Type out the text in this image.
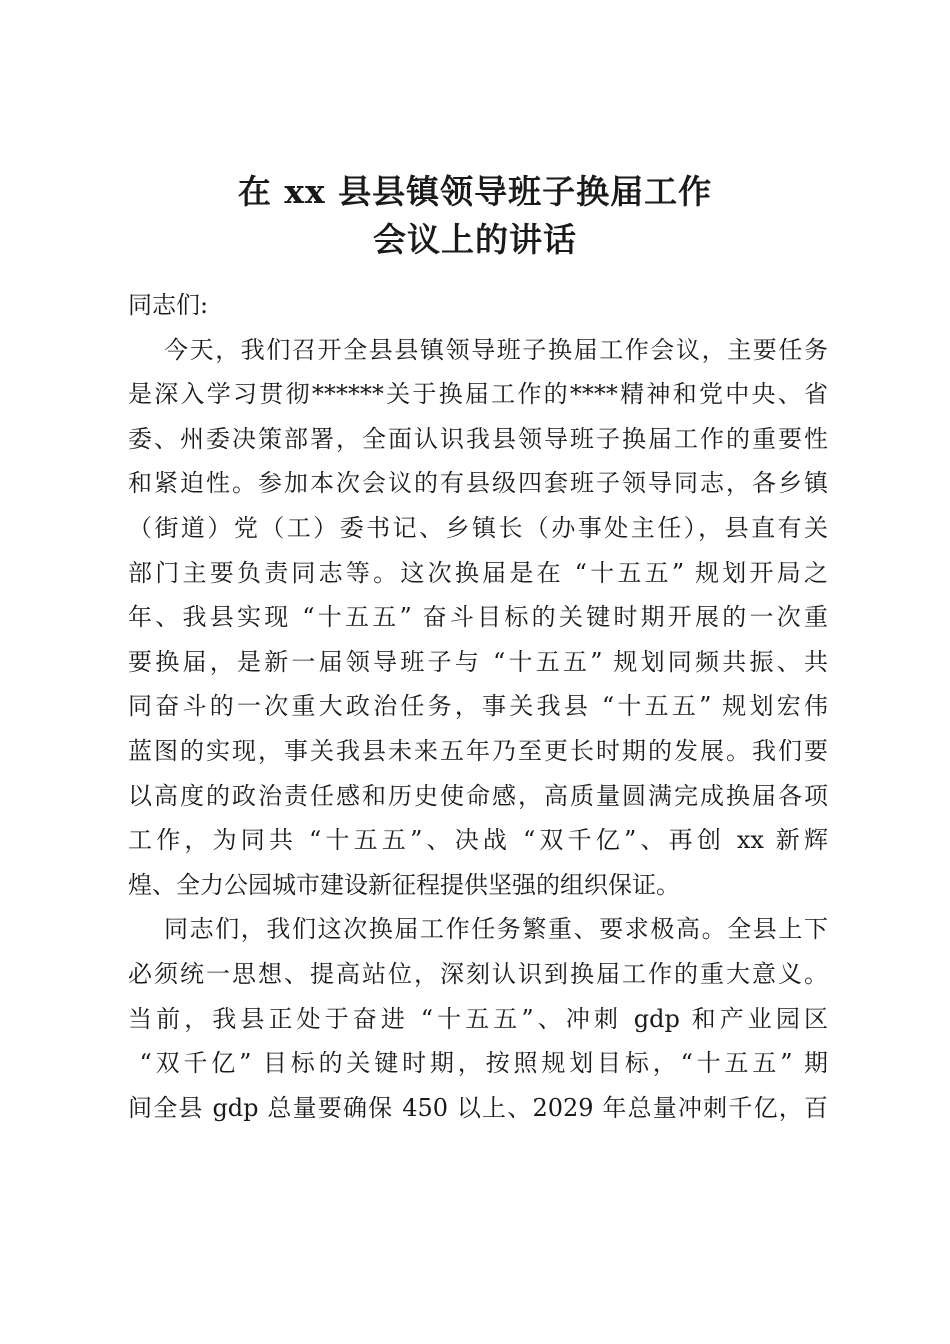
在 xx 县县镇领导班子换届工作
会议上的讲话
同志们:
今天，我们召开全县县镇领导班子换届工作会议，主要任务
是深入学习贯彻******关于换届工作的****精神和党中央、省
委、州委决策部署，全面认识我县领导班子换届工作的重要性
和紧迫性。参加本次会议的有县级四套班子领导同志，各乡镇
（街道）党（工）委书记、乡镇长（办事处主任），县直有关
部门主要负责同志等。这次换届是在 “十五五” 规划开局之
年、我县实现 “十五五” 奋斗目标的关键时期开展的一次重
要换届，是新一届领导班子与 “十五五” 规划同频共振、共
同奋斗的一次重大政治任务，事关我县 “十五五” 规划宏伟
蓝图的实现，事关我县未来五年乃至更长时期的发展。我们要
以高度的政治责任感和历史使命感，高质量圆满完成换届各项
工作，为同共 “十五五”、决战 “双千亿”、再创 xx 新辉
煌、全力公园城市建设新征程提供坚强的组织保证。
同志们，我们这次换届工作任务繁重、要求极高。全县上下
必须统一思想、提高站位，深刻认识到换届工作的重大意义。
当前，我县正处于奋进 “十五五”、冲刺 gdp 和产业园区
“双千亿” 目标的关键时期，按照规划目标，“十五五” 期
间全县 gdp 总量要确保 450 以上、2029 年总量冲刺千亿，百
